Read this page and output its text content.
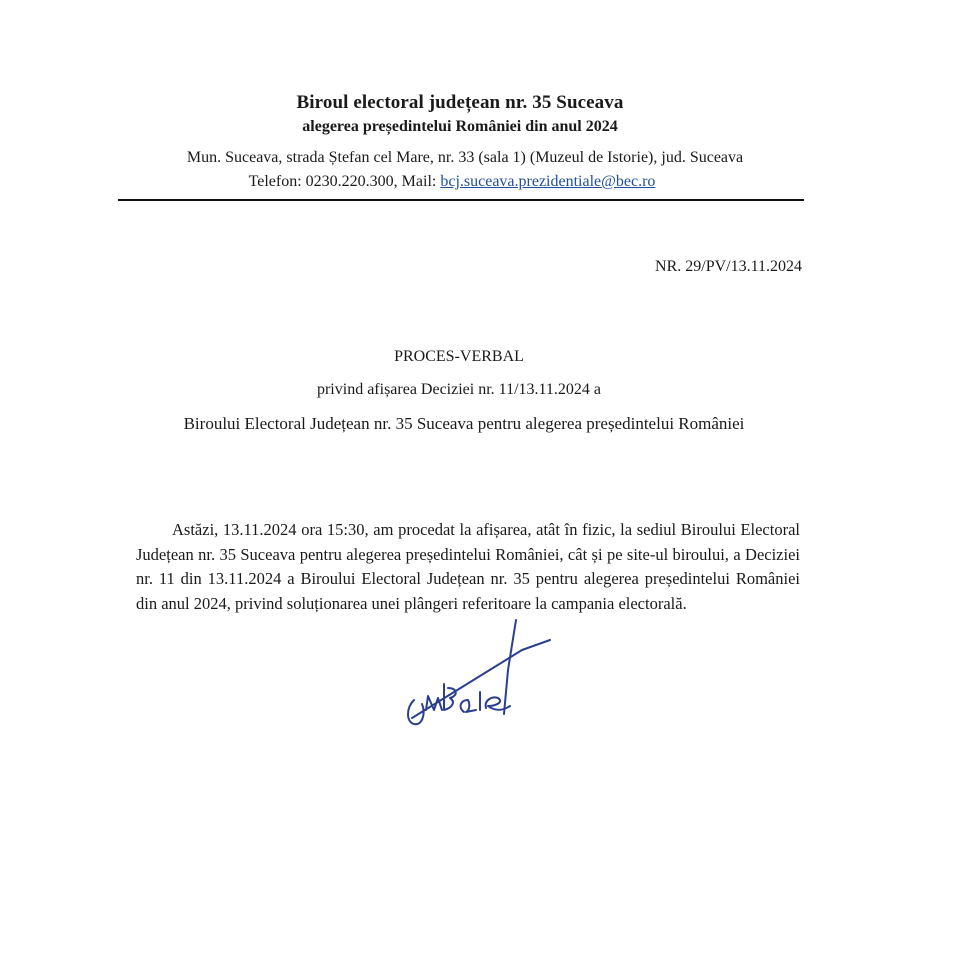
Biroul electoral județean nr. 35 Suceava
alegerea președintelui României din anul 2024
Mun. Suceava, strada Ștefan cel Mare, nr. 33 (sala 1) (Muzeul de Istorie), jud. Suceava
Telefon: 0230.220.300, Mail: bcj.suceava.prezidentiale@bec.ro
NR. 29/PV/13.11.2024
PROCES-VERBAL
privind afișarea Deciziei nr. 11/13.11.2024 a
Biroului Electoral Județean nr. 35 Suceava pentru alegerea președintelui României
Astăzi, 13.11.2024 ora 15:30, am procedat la afișarea, atât în fizic, la sediul Biroului Electoral Județean nr. 35 Suceava pentru alegerea președintelui României, cât și pe site-ul biroului, a Deciziei nr. 11 din 13.11.2024 a Biroului Electoral Județean nr. 35 pentru alegerea președintelui României din anul 2024, privind soluționarea unei plângeri referitoare la campania electorală.
